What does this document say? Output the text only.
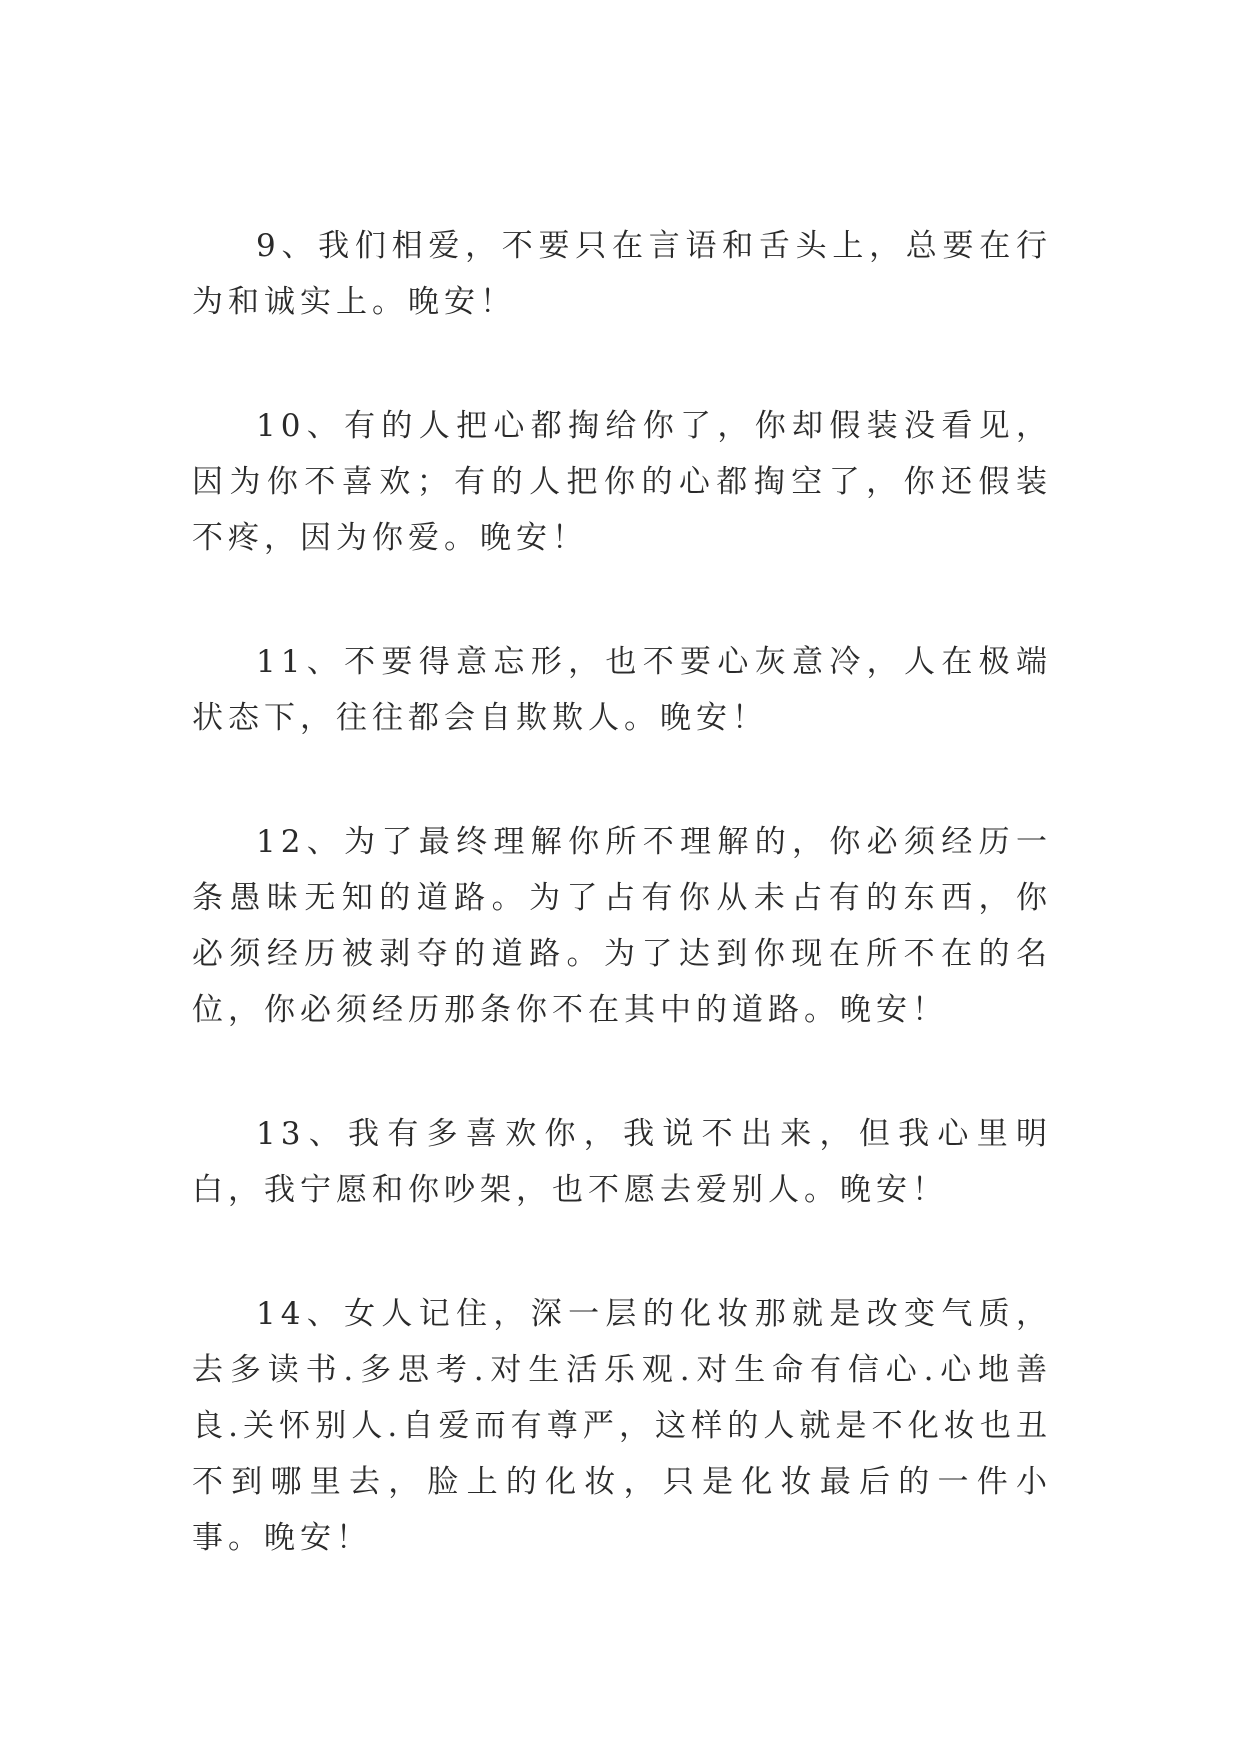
9、我们相爱，不要只在言语和舌头上，总要在行为和诚实上。晚安！

10、有的人把心都掏给你了，你却假装没看见，因为你不喜欢；有的人把你的心都掏空了，你还假装不疼，因为你爱。晚安！

11、不要得意忘形，也不要心灰意冷，人在极端状态下，往往都会自欺欺人。晚安！

12、为了最终理解你所不理解的，你必须经历一条愚昧无知的道路。为了占有你从未占有的东西，你必须经历被剥夺的道路。为了达到你现在所不在的名位，你必须经历那条你不在其中的道路。晚安！

13、我有多喜欢你，我说不出来，但我心里明白，我宁愿和你吵架，也不愿去爱别人。晚安！

14、女人记住，深一层的化妆那就是改变气质，去多读书.多思考.对生活乐观.对生命有信心.心地善良.关怀别人.自爱而有尊严，这样的人就是不化妆也丑不到哪里去，脸上的化妆，只是化妆最后的一件小事。晚安！
